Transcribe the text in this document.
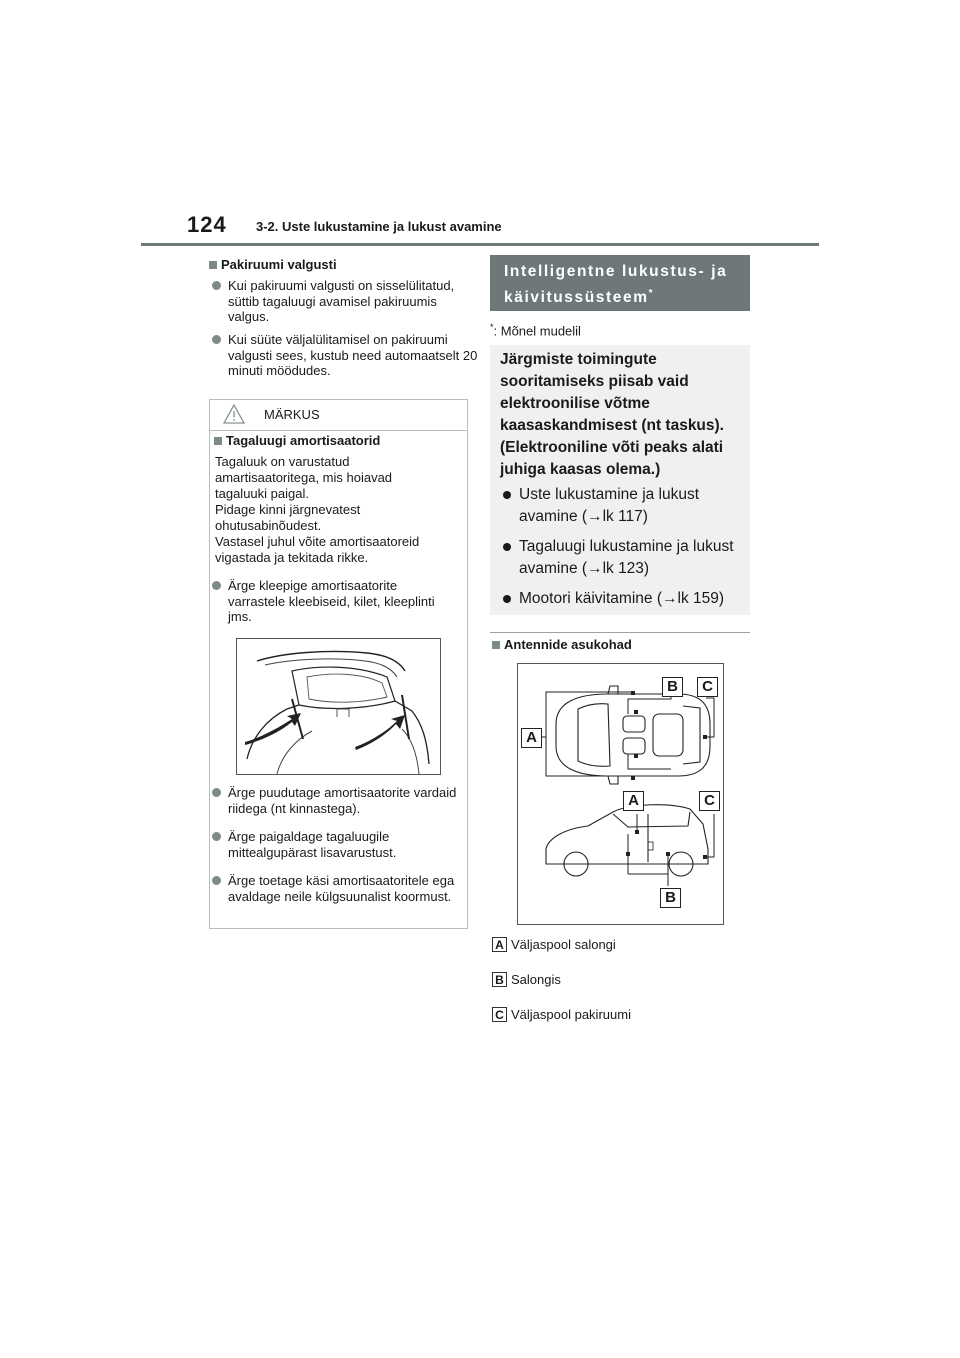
124 3-2. Uste lukustamine ja lukust avamine
Pakiruumi valgusti
Kui pakiruumi valgusti on sisselülitatud, süttib tagaluugi avamisel pakiruumis valgus.
Kui süüte väljalülitamisel on pakiruumi valgusti sees, kustub need automaatselt 20 minuti möödudes.
MÄRKUS
Tagaluugi amortisaatorid
Tagaluuk on varustatud
amartisaatoritega, mis hoiavad
tagaluuki paigal.
Pidage kinni järgnevatest
ohutusabinõudest.
Vastasel juhul võite amortisaatoreid
vigastada ja tekitada rikke.
Ärge kleepige amortisaatorite varrastele kleebiseid, kilet, kleeplinti jms.
Ärge puudutage amortisaatorite vardaid riidega (nt kinnastega).
Ärge paigaldage tagaluugile mittealgupärast lisavarustust.
Ärge toetage käsi amortisaatoritele ega avaldage neile külgsuunalist koormust.
Intelligentne lukustus- ja
käivitussüsteem*
*: Mõnel mudelil
Järgmiste toimingute sooritamiseks piisab vaid elektroonilise võtme kaasaskandmisest (nt taskus). (Elektrooniline võti peaks alati juhiga kaasas olema.)
Uste lukustamine ja lukust avamine (→lk 117)
Tagaluugi lukustamine ja lukust avamine (→lk 123)
Mootori käivitamine (→lk 159)
Antennide asukohad
B	C
A
A	C
B
A Väljaspool salongi
B Salongis
C Väljaspool pakiruumi
